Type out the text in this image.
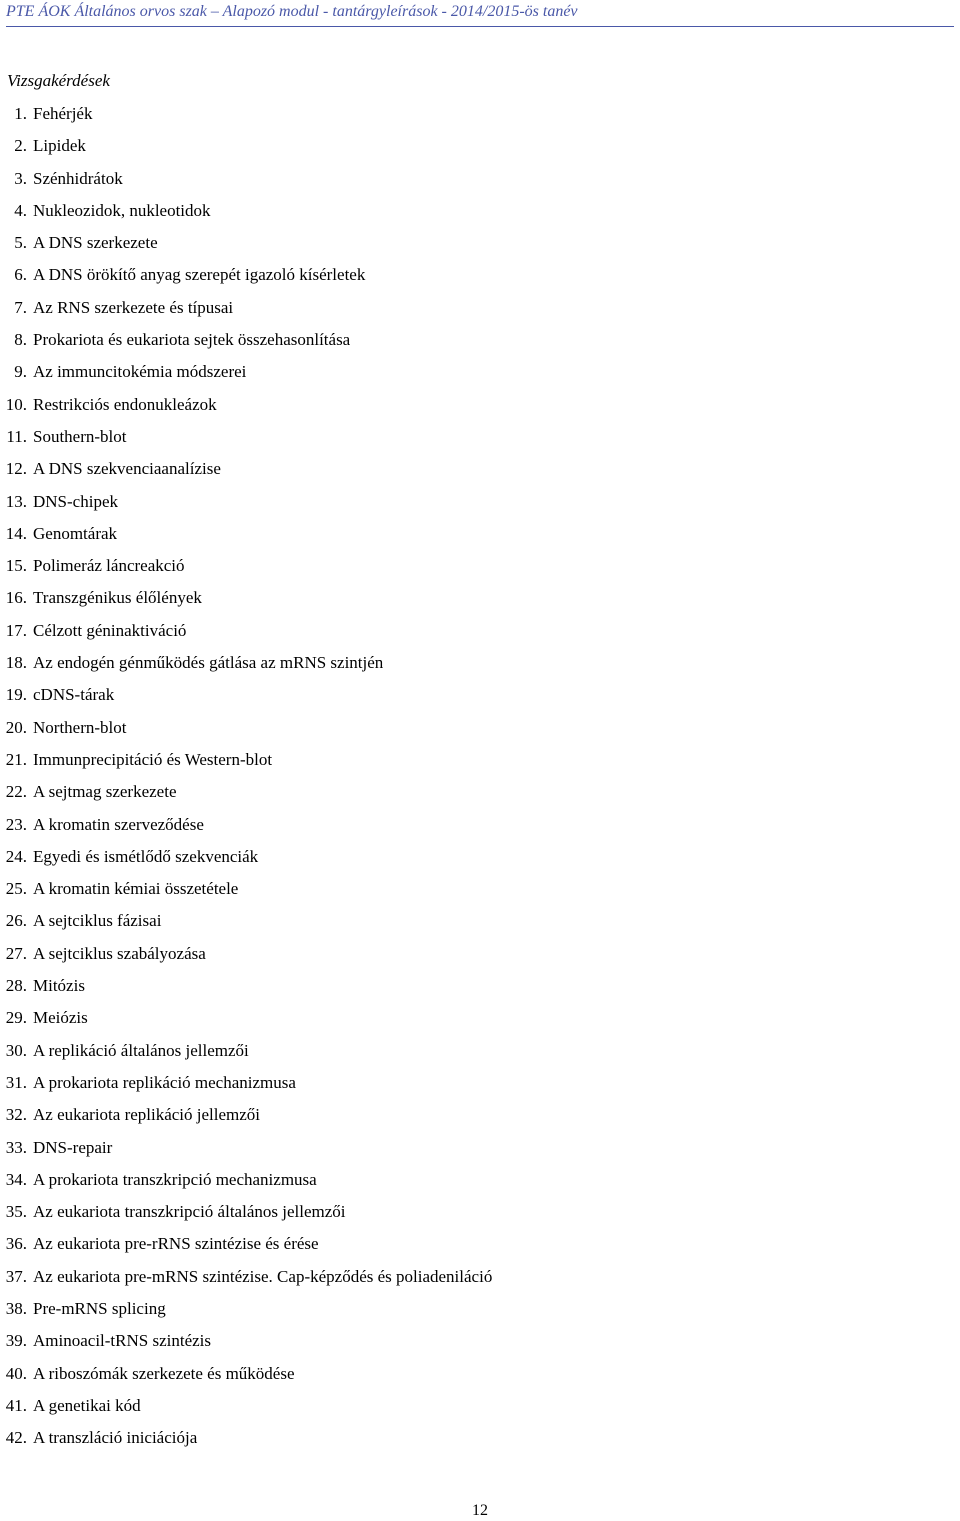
PTE ÁOK Általános orvos szak – Alapozó modul - tantárgyleírások - 2014/2015-ös tanév
Vizsgakérdések
1. Fehérjék
2. Lipidek
3. Szénhidrátok
4. Nukleozidok, nukleotidok
5. A DNS szerkezete
6. A DNS örökítő anyag szerepét igazoló kísérletek
7. Az RNS szerkezete és típusai
8. Prokariota és eukariota sejtek összehasonlítása
9. Az immuncitokémia módszerei
10. Restrikciós endonukleázok
11. Southern-blot
12. A DNS szekvenciaanalízise
13. DNS-chipek
14. Genomtárak
15. Polimeráz láncreakció
16. Transzgénikus élőlények
17. Célzott géninaktiváció
18. Az endogén génműködés gátlása az mRNS szintjén
19. cDNS-tárak
20. Northern-blot
21. Immunprecipitáció és Western-blot
22. A sejtmag szerkezete
23. A kromatin szerveződése
24. Egyedi és ismétlődő szekvenciák
25. A kromatin kémiai összetétele
26. A sejtciklus fázisai
27. A sejtciklus szabályozása
28. Mitózis
29. Meiózis
30. A replikáció általános jellemzői
31. A prokariota replikáció mechanizmusa
32. Az eukariota replikáció jellemzői
33. DNS-repair
34. A prokariota transzkripció mechanizmusa
35. Az eukariota transzkripció általános jellemzői
36. Az eukariota pre-rRNS szintézise és érése
37. Az eukariota pre-mRNS szintézise. Cap-képződés és poliadeniláció
38. Pre-mRNS splicing
39. Aminoacil-tRNS szintézis
40. A riboszómák szerkezete és működése
41. A genetikai kód
42. A transzláció iniciációja
12
